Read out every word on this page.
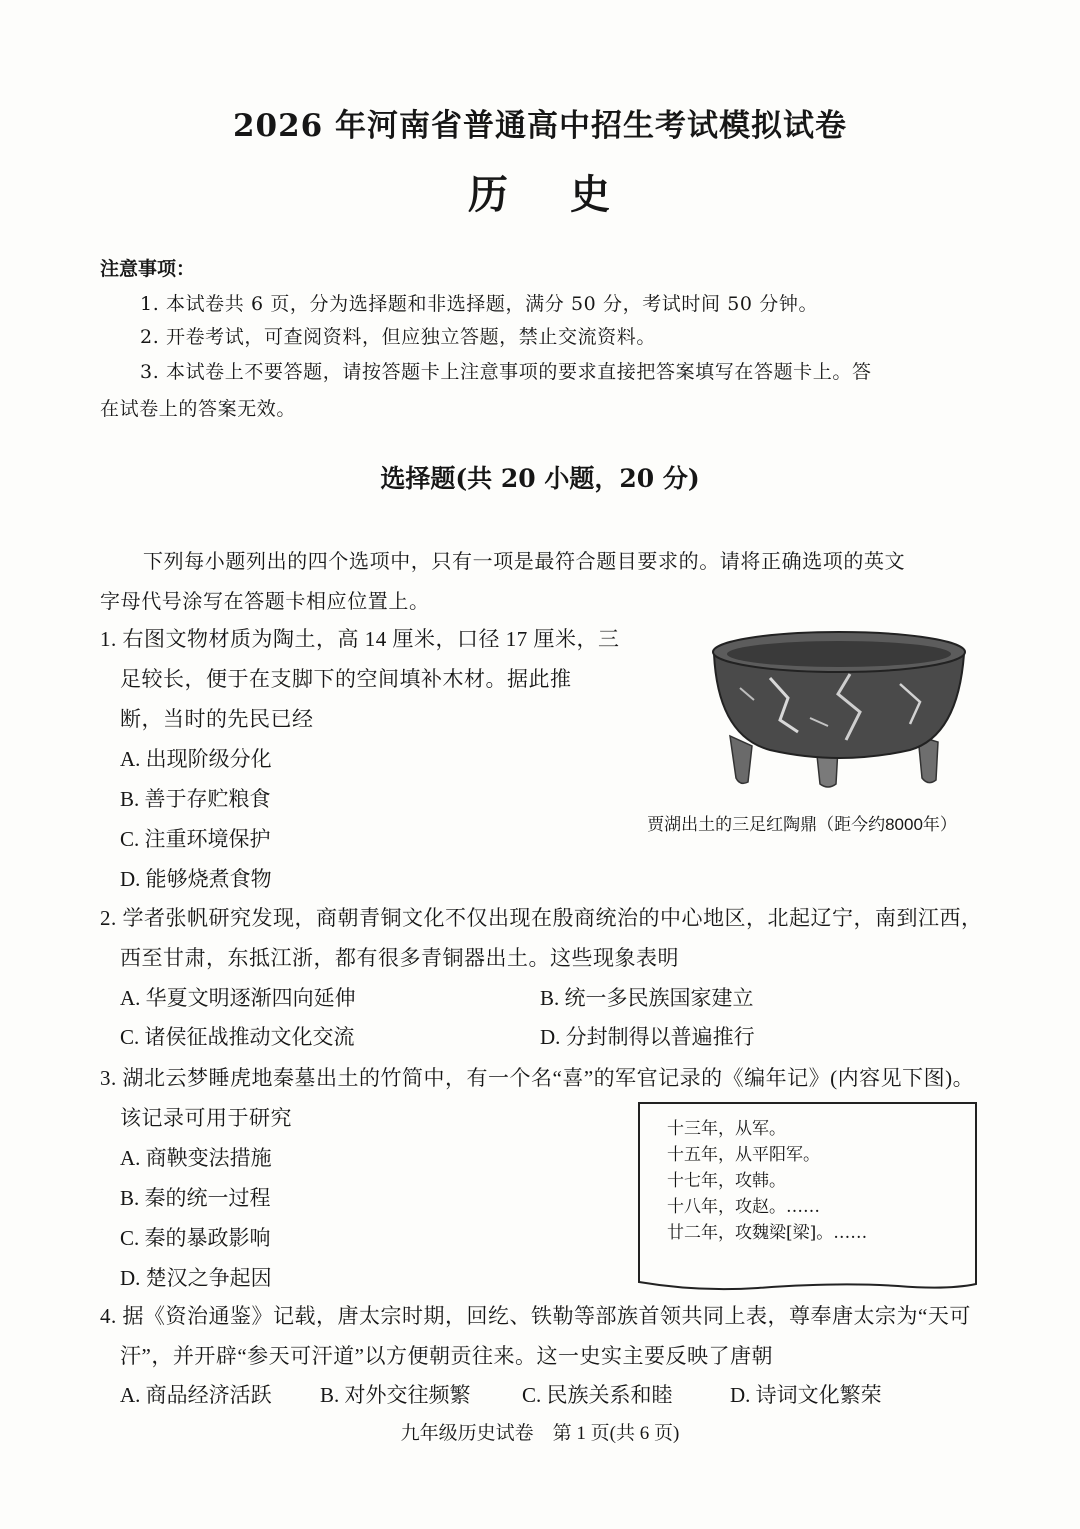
2026 年河南省普通高中招生考试模拟试卷
历 史
注意事项：
1. 本试卷共 6 页，分为选择题和非选择题，满分 50 分，考试时间 50 分钟。
2. 开卷考试，可查阅资料，但应独立答题，禁止交流资料。
3. 本试卷上不要答题，请按答题卡上注意事项的要求直接把答案填写在答题卡上。答
在试卷上的答案无效。
选择题(共 20 小题，20 分)
下列每小题列出的四个选项中，只有一项是最符合题目要求的。请将正确选项的英文
字母代号涂写在答题卡相应位置上。
1. 右图文物材质为陶土，高 14 厘米，口径 17 厘米，三
足较长，便于在支脚下的空间填补木材。据此推
断，当时的先民已经
A. 出现阶级分化
B. 善于存贮粮食
C. 注重环境保护
D. 能够烧煮食物
贾湖出土的三足红陶鼎（距今约8000年）
2. 学者张帆研究发现，商朝青铜文化不仅出现在殷商统治的中心地区，北起辽宁，南到江西，
西至甘肃，东抵江浙，都有很多青铜器出土。这些现象表明
A. 华夏文明逐渐四向延伸	B. 统一多民族国家建立
C. 诸侯征战推动文化交流	D. 分封制得以普遍推行
3. 湖北云梦睡虎地秦墓出土的竹简中，有一个名“喜”的军官记录的《编年记》(内容见下图)。
该记录可用于研究
A. 商鞅变法措施
B. 秦的统一过程
C. 秦的暴政影响
D. 楚汉之争起因
十三年，从军。
十五年，从平阳军。
十七年，攻韩。
十八年，攻赵。……
廿二年，攻魏梁[梁]。……
4. 据《资治通鉴》记载，唐太宗时期，回纥、铁勒等部族首领共同上表，尊奉唐太宗为“天可
汗”，并开辟“参天可汗道”以方便朝贡往来。这一史实主要反映了唐朝
A. 商品经济活跃 B. 对外交往频繁 C. 民族关系和睦	D. 诗词文化繁荣
九年级历史试卷　第 1 页(共 6 页)
